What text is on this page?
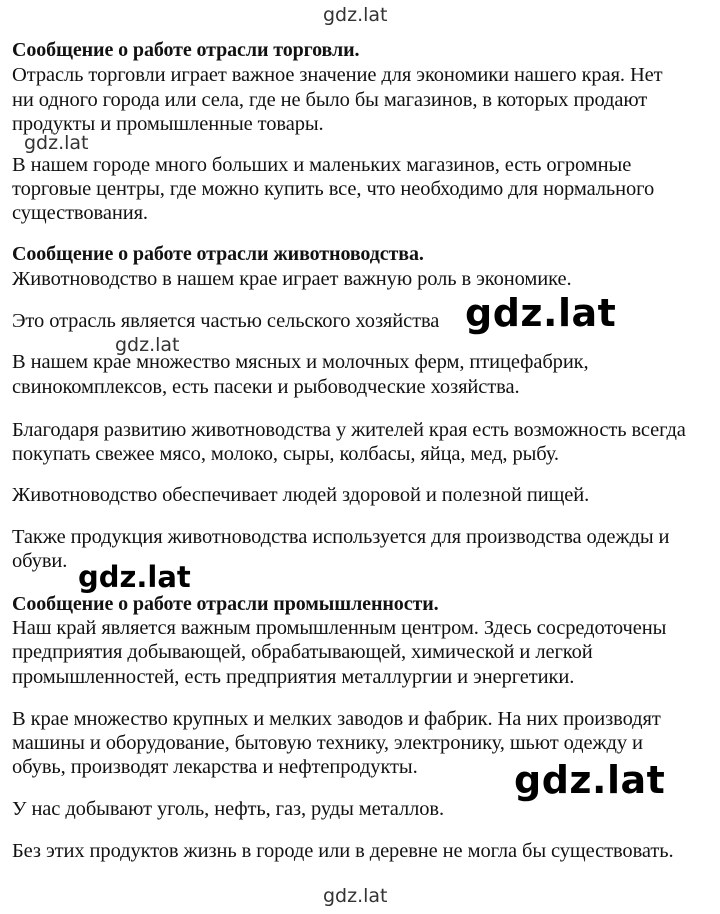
Сообщение о работе отрасли торговли.
Отрасль торговли играет важное значение для экономики нашего края. Нет
ни одного города или села, где не было бы магазинов, в которых продают
продукты и промышленные товары.
В нашем городе много больших и маленьких магазинов, есть огромные
торговые центры, где можно купить все, что необходимо для нормального
существования.
Сообщение о работе отрасли животноводства.
Животноводство в нашем крае играет важную роль в экономике.
Это отрасль является частью сельского хозяйства
В нашем крае множество мясных и молочных ферм, птицефабрик,
свинокомплексов, есть пасеки и рыбоводческие хозяйства.
Благодаря развитию животноводства у жителей края есть возможность всегда
покупать свежее мясо, молоко, сыры, колбасы, яйца, мед, рыбу.
Животноводство обеспечивает людей здоровой и полезной пищей.
Также продукция животноводства используется для производства одежды и
обуви.
Сообщение о работе отрасли промышленности.
Наш край является важным промышленным центром. Здесь сосредоточены
предприятия добывающей, обрабатывающей, химической и легкой
промышленностей, есть предприятия металлургии и энергетики.
В крае множество крупных и мелких заводов и фабрик. На них производят
машины и оборудование, бытовую технику, электронику, шьют одежду и
обувь, производят лекарства и нефтепродукты.
У нас добывают уголь, нефть, газ, руды металлов.
Без этих продуктов жизнь в городе или в деревне не могла бы существовать.
gdz.lat
gdz.lat
gdz.lat
gdz.lat
gdz.lat
gdz.lat
gdz.lat
